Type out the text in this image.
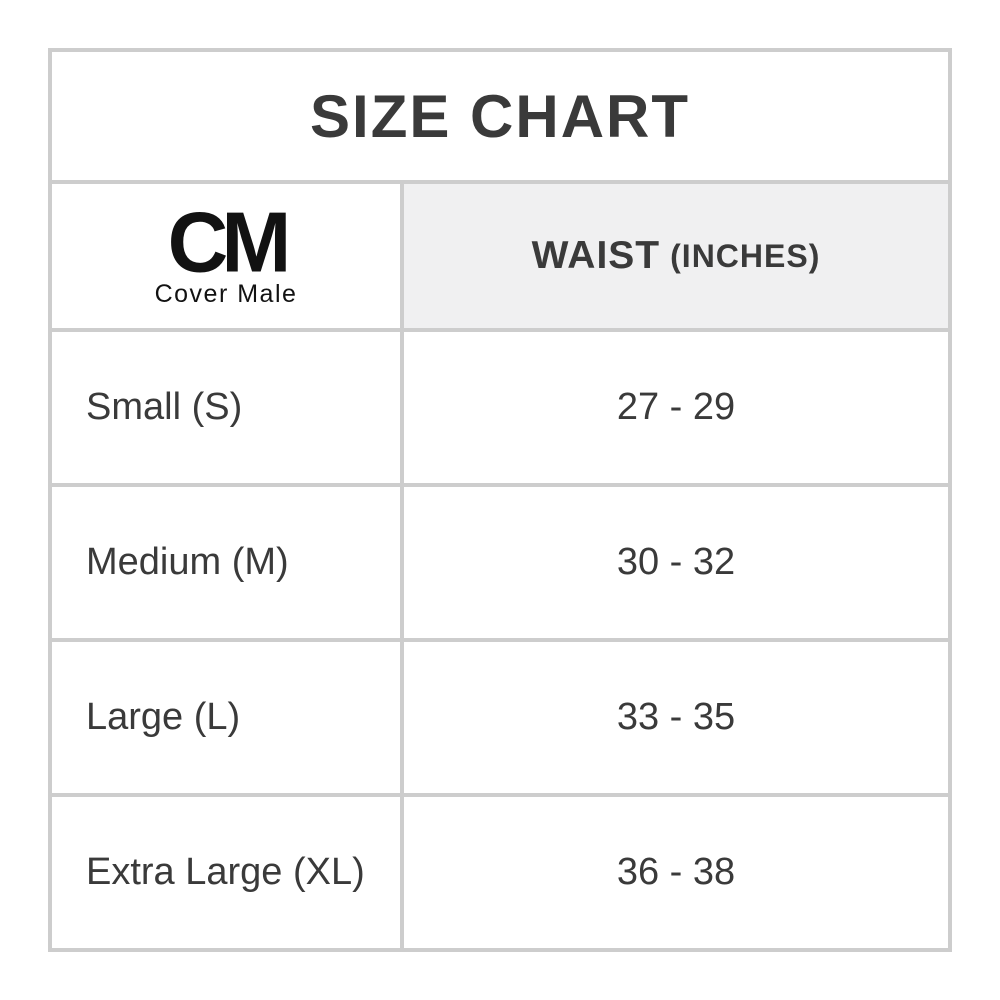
SIZE CHART
CM
Cover Male
WAIST (INCHES)
Small (S)	27 - 29
Medium (M)	30 - 32
Large (L)	33 - 35
Extra Large (XL)	36 - 38
